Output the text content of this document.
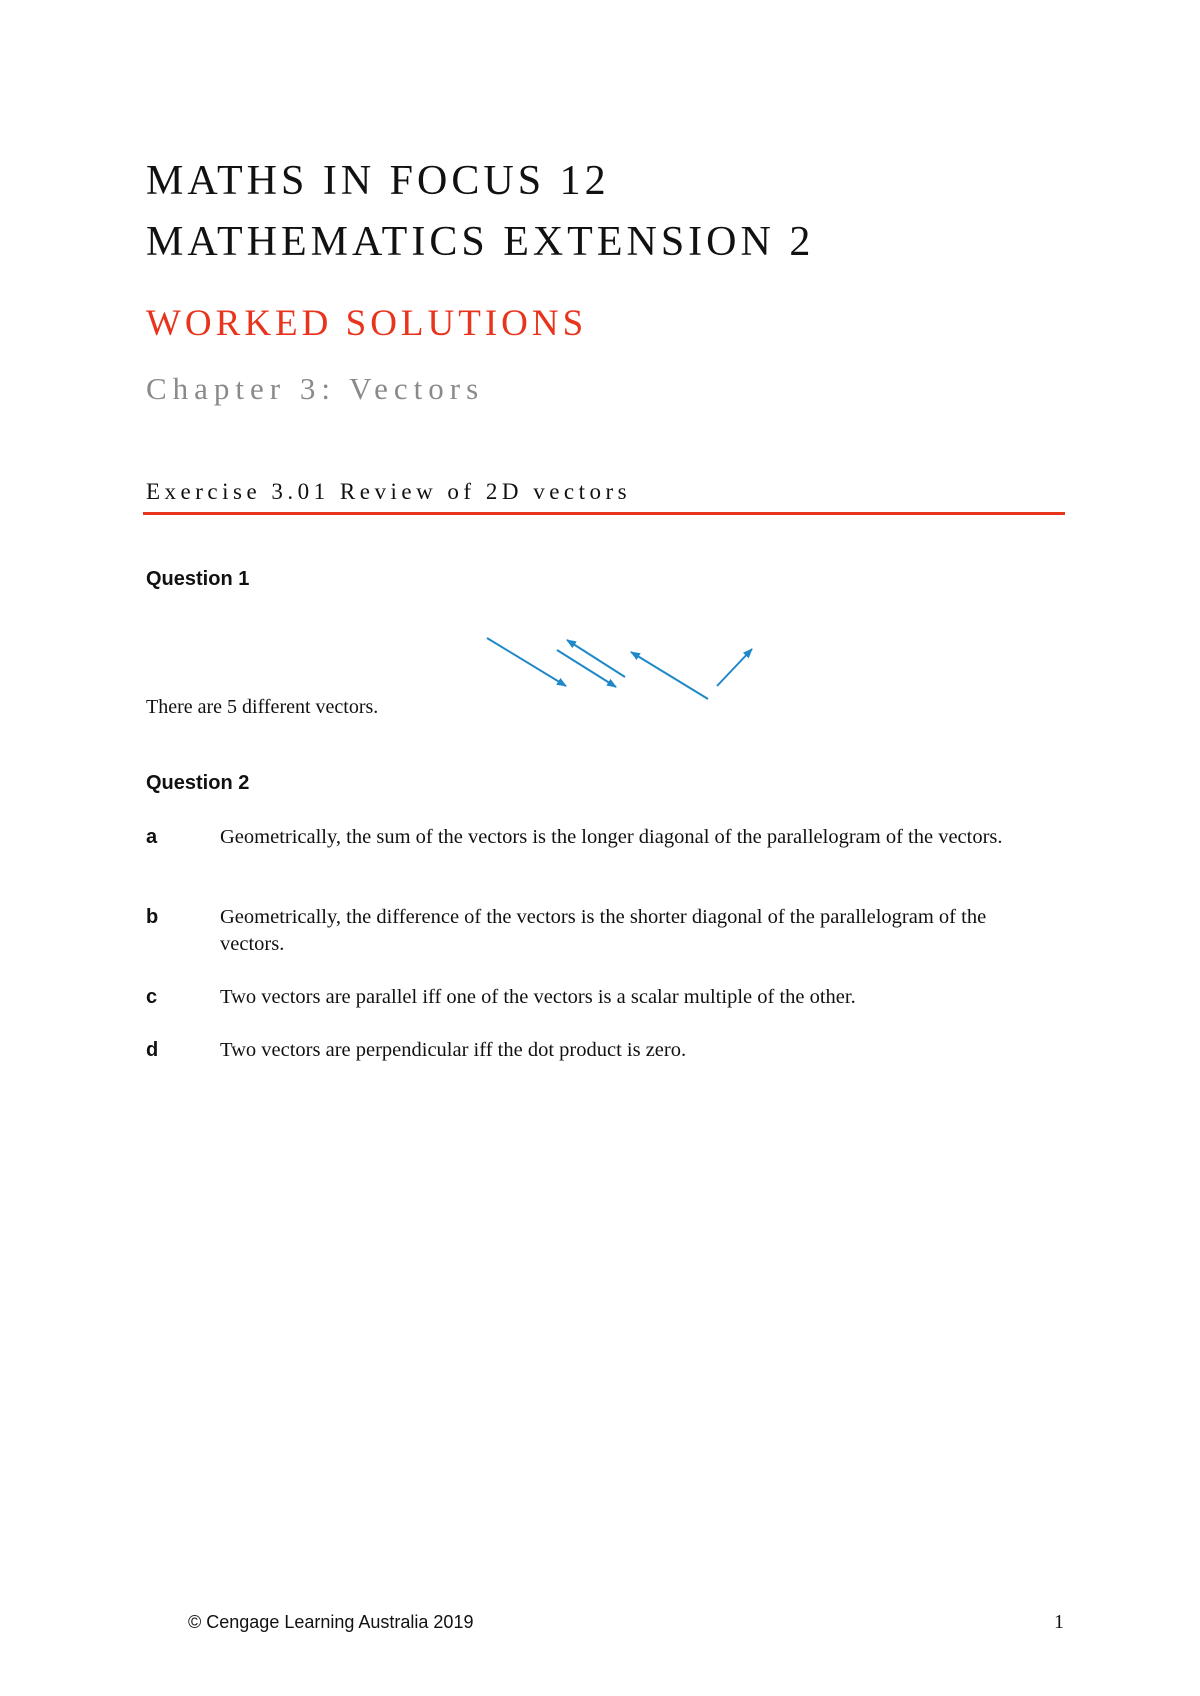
MATHS IN FOCUS 12
MATHEMATICS EXTENSION 2
WORKED SOLUTIONS
Chapter 3: Vectors
Exercise 3.01 Review of 2D vectors
Question 1
There are 5 different vectors.
Question 2
a	Geometrically, the sum of the vectors is the longer diagonal of the parallelogram of the vectors.
b	Geometrically, the difference of the vectors is the shorter diagonal of the parallelogram of the vectors.
c	Two vectors are parallel iff one of the vectors is a scalar multiple of the other.
d	Two vectors are perpendicular iff the dot product is zero.
© Cengage Learning Australia 2019	1
